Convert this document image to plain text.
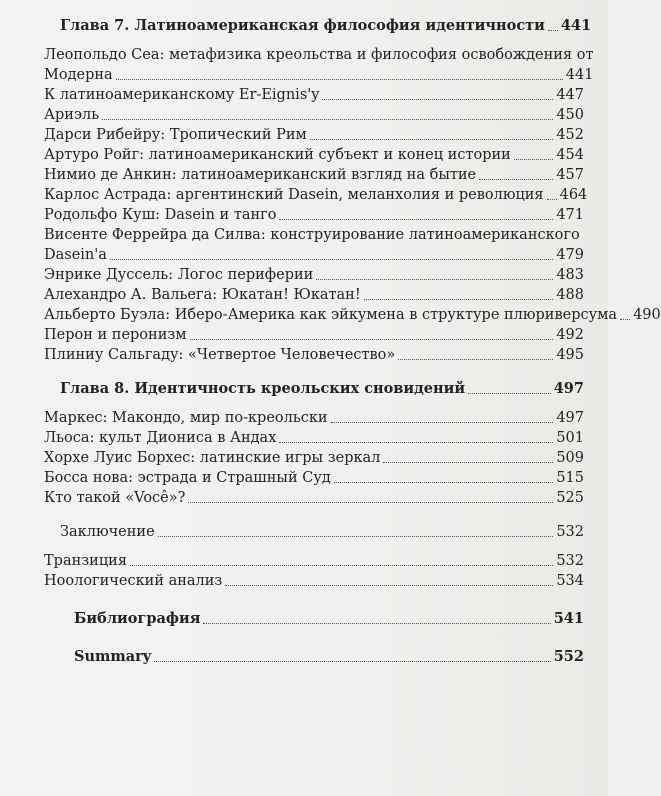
Глава 7. Латиноамериканская философия идентичности 441
Леопольдо Сеа: метафизика креольства и философия освобождения от
Модерна	441
К латиноамериканскому Er-Eignis'y	447
Ариэль	450
Дарси Рибейру: Тропический Рим	452
Артуро Ройг: латиноамериканский субъект и конец истории	454
Нимио де Анкин: латиноамериканский взгляд на бытие	457
Карлос Астрада: аргентинский Dasein, меланхолия и революция 464
Родольфо Куш: Dasein и танго	471
Висенте Феррейра да Силва: конструирование латиноамериканского
Dasein'a	479
Энрике Дуссель: Логос периферии	483
Алехандро А. Вальега: Юкатан! Юкатан!	488
Альберто Буэла: Иберо-Америка как эйкумена в структуре плюриверсума 490
Перон и перонизм	492
Плиниу Сальгаду: «Четвертое Человечество»	495
Глава 8. Идентичность креольских сновидений	497
Маркес: Макондо, мир по-креольски	497
Льоса: культ Диониса в Андах	501
Хорхе Луис Борхес: латинские игры зеркал	509
Босса нова: эстрада и Страшный Суд	515
Кто такой «Você»?	525
Заключение	532
Транзиция	532
Ноологический анализ	534
Библиография	541
Summary	552
